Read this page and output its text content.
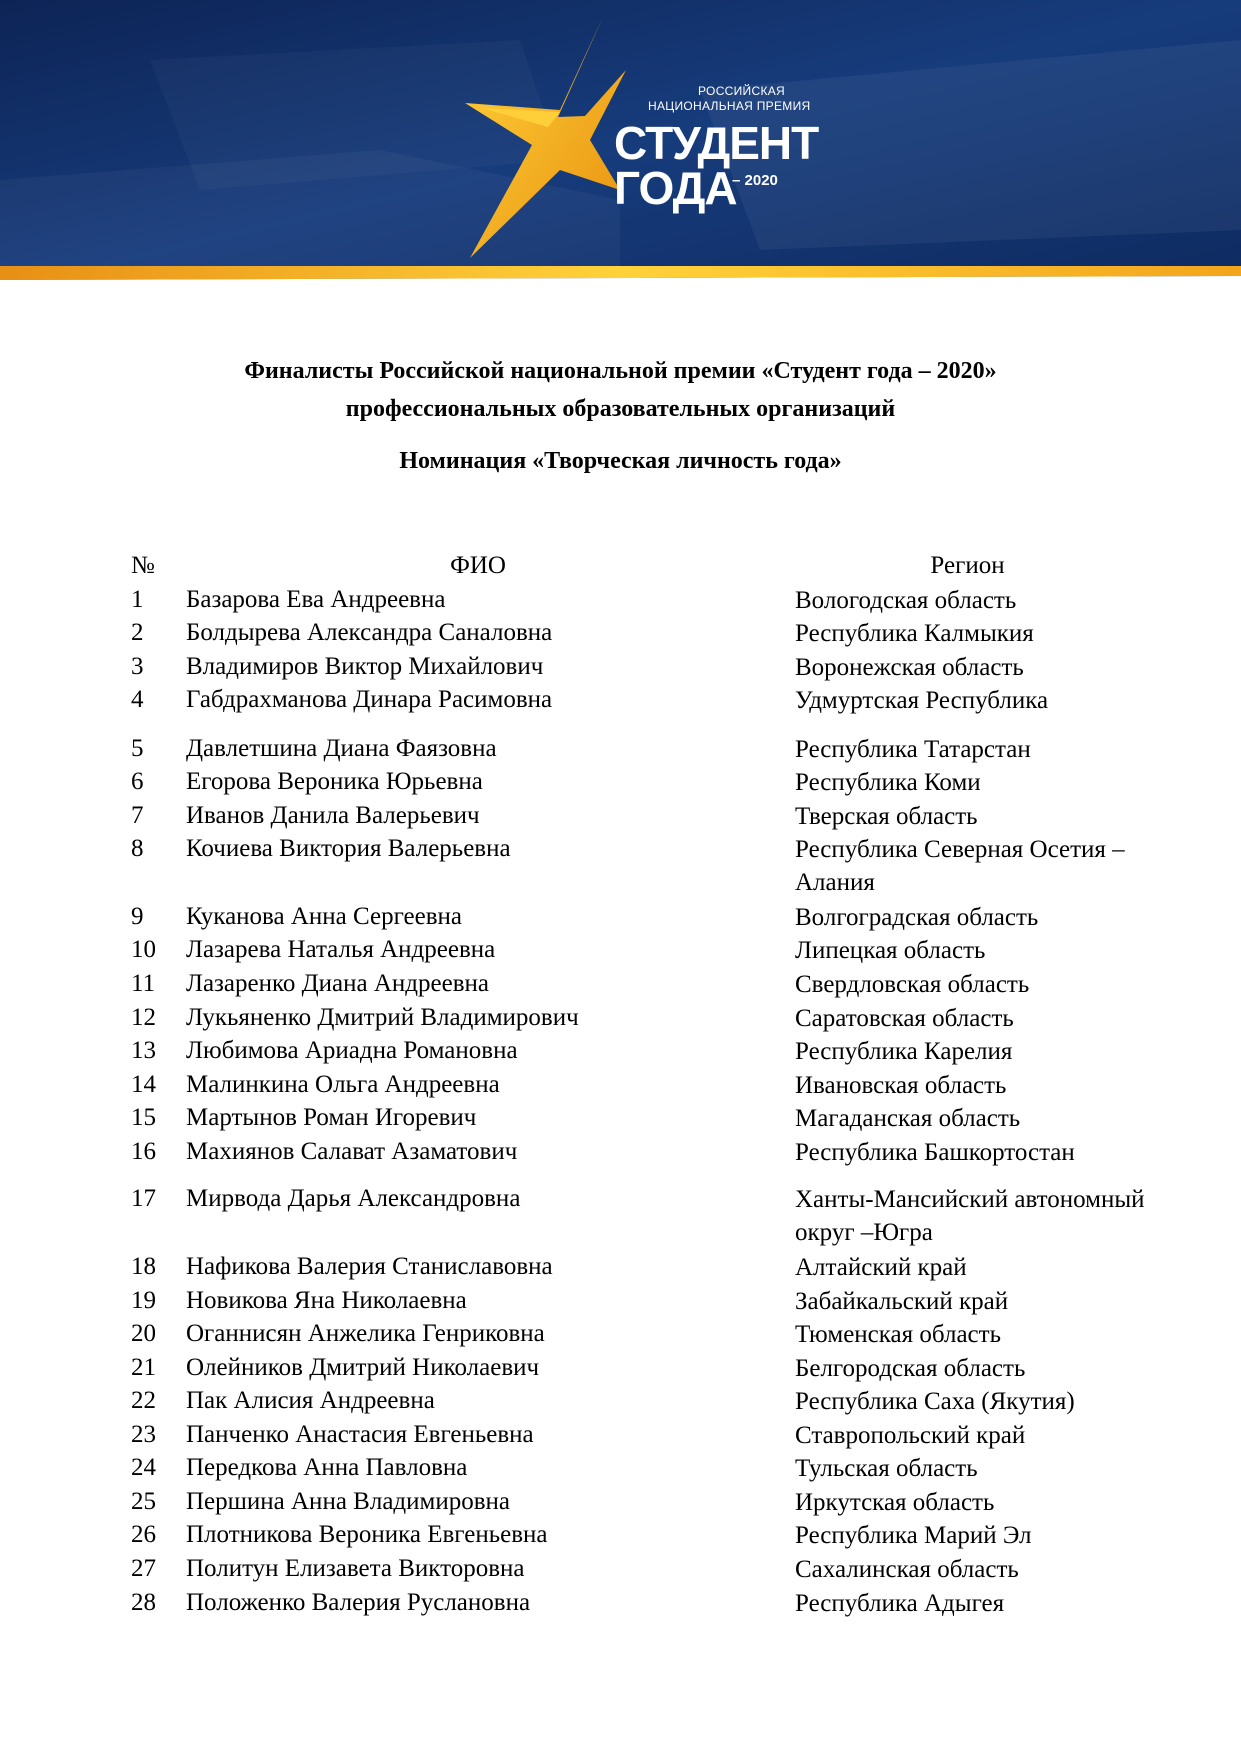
РОССИЙСКАЯ
НАЦИОНАЛЬНАЯ ПРЕМИЯ
СТУДЕНТ
ГОДА
– 2020
Финалисты Российской национальной премии «Студент года – 2020»
профессиональных образовательных организаций
Номинация «Творческая личность года»
№	ФИО	Регион
1 Базарова Ева Андреевна	Вологодская область
2 Болдырева Александра Саналовна	Республика Калмыкия
3 Владимиров Виктор Михайлович	Воронежская область
4 Габдрахманова Динара Расимовна	Удмуртская Республика
5 Давлетшина Диана Фаязовна	Республика Татарстан
6 Егорова Вероника Юрьевна	Республика Коми
7 Иванов Данила Валерьевич	Тверская область
8 Кочиева Виктория Валерьевна	Республика Северная Осетия – Алания
9 Куканова Анна Сергеевна	Волгоградская область
10 Лазарева Наталья Андреевна	Липецкая область
11 Лазаренко Диана Андреевна	Свердловская область
12 Лукьяненко Дмитрий Владимирович	Саратовская область
13 Любимова Ариадна Романовна	Республика Карелия
14 Малинкина Ольга Андреевна	Ивановская область
15 Мартынов Роман Игоревич	Магаданская область
16 Махиянов Салават Азаматович	Республика Башкортостан
17 Мирвода Дарья Александровна	Ханты-Мансийский автономный округ –Югра
18 Нафикова Валерия Станиславовна	Алтайский край
19 Новикова Яна Николаевна	Забайкальский край
20 Оганнисян Анжелика Генриковна	Тюменская область
21 Олейников Дмитрий Николаевич	Белгородская область
22 Пак Алисия Андреевна	Республика Саха (Якутия)
23 Панченко Анастасия Евгеньевна	Ставропольский край
24 Передкова Анна Павловна	Тульская область
25 Першина Анна Владимировна	Иркутская область
26 Плотникова Вероника Евгеньевна	Республика Марий Эл
27 Политун Елизавета Викторовна	Сахалинская область
28 Положенко Валерия Руслановна	Республика Адыгея
